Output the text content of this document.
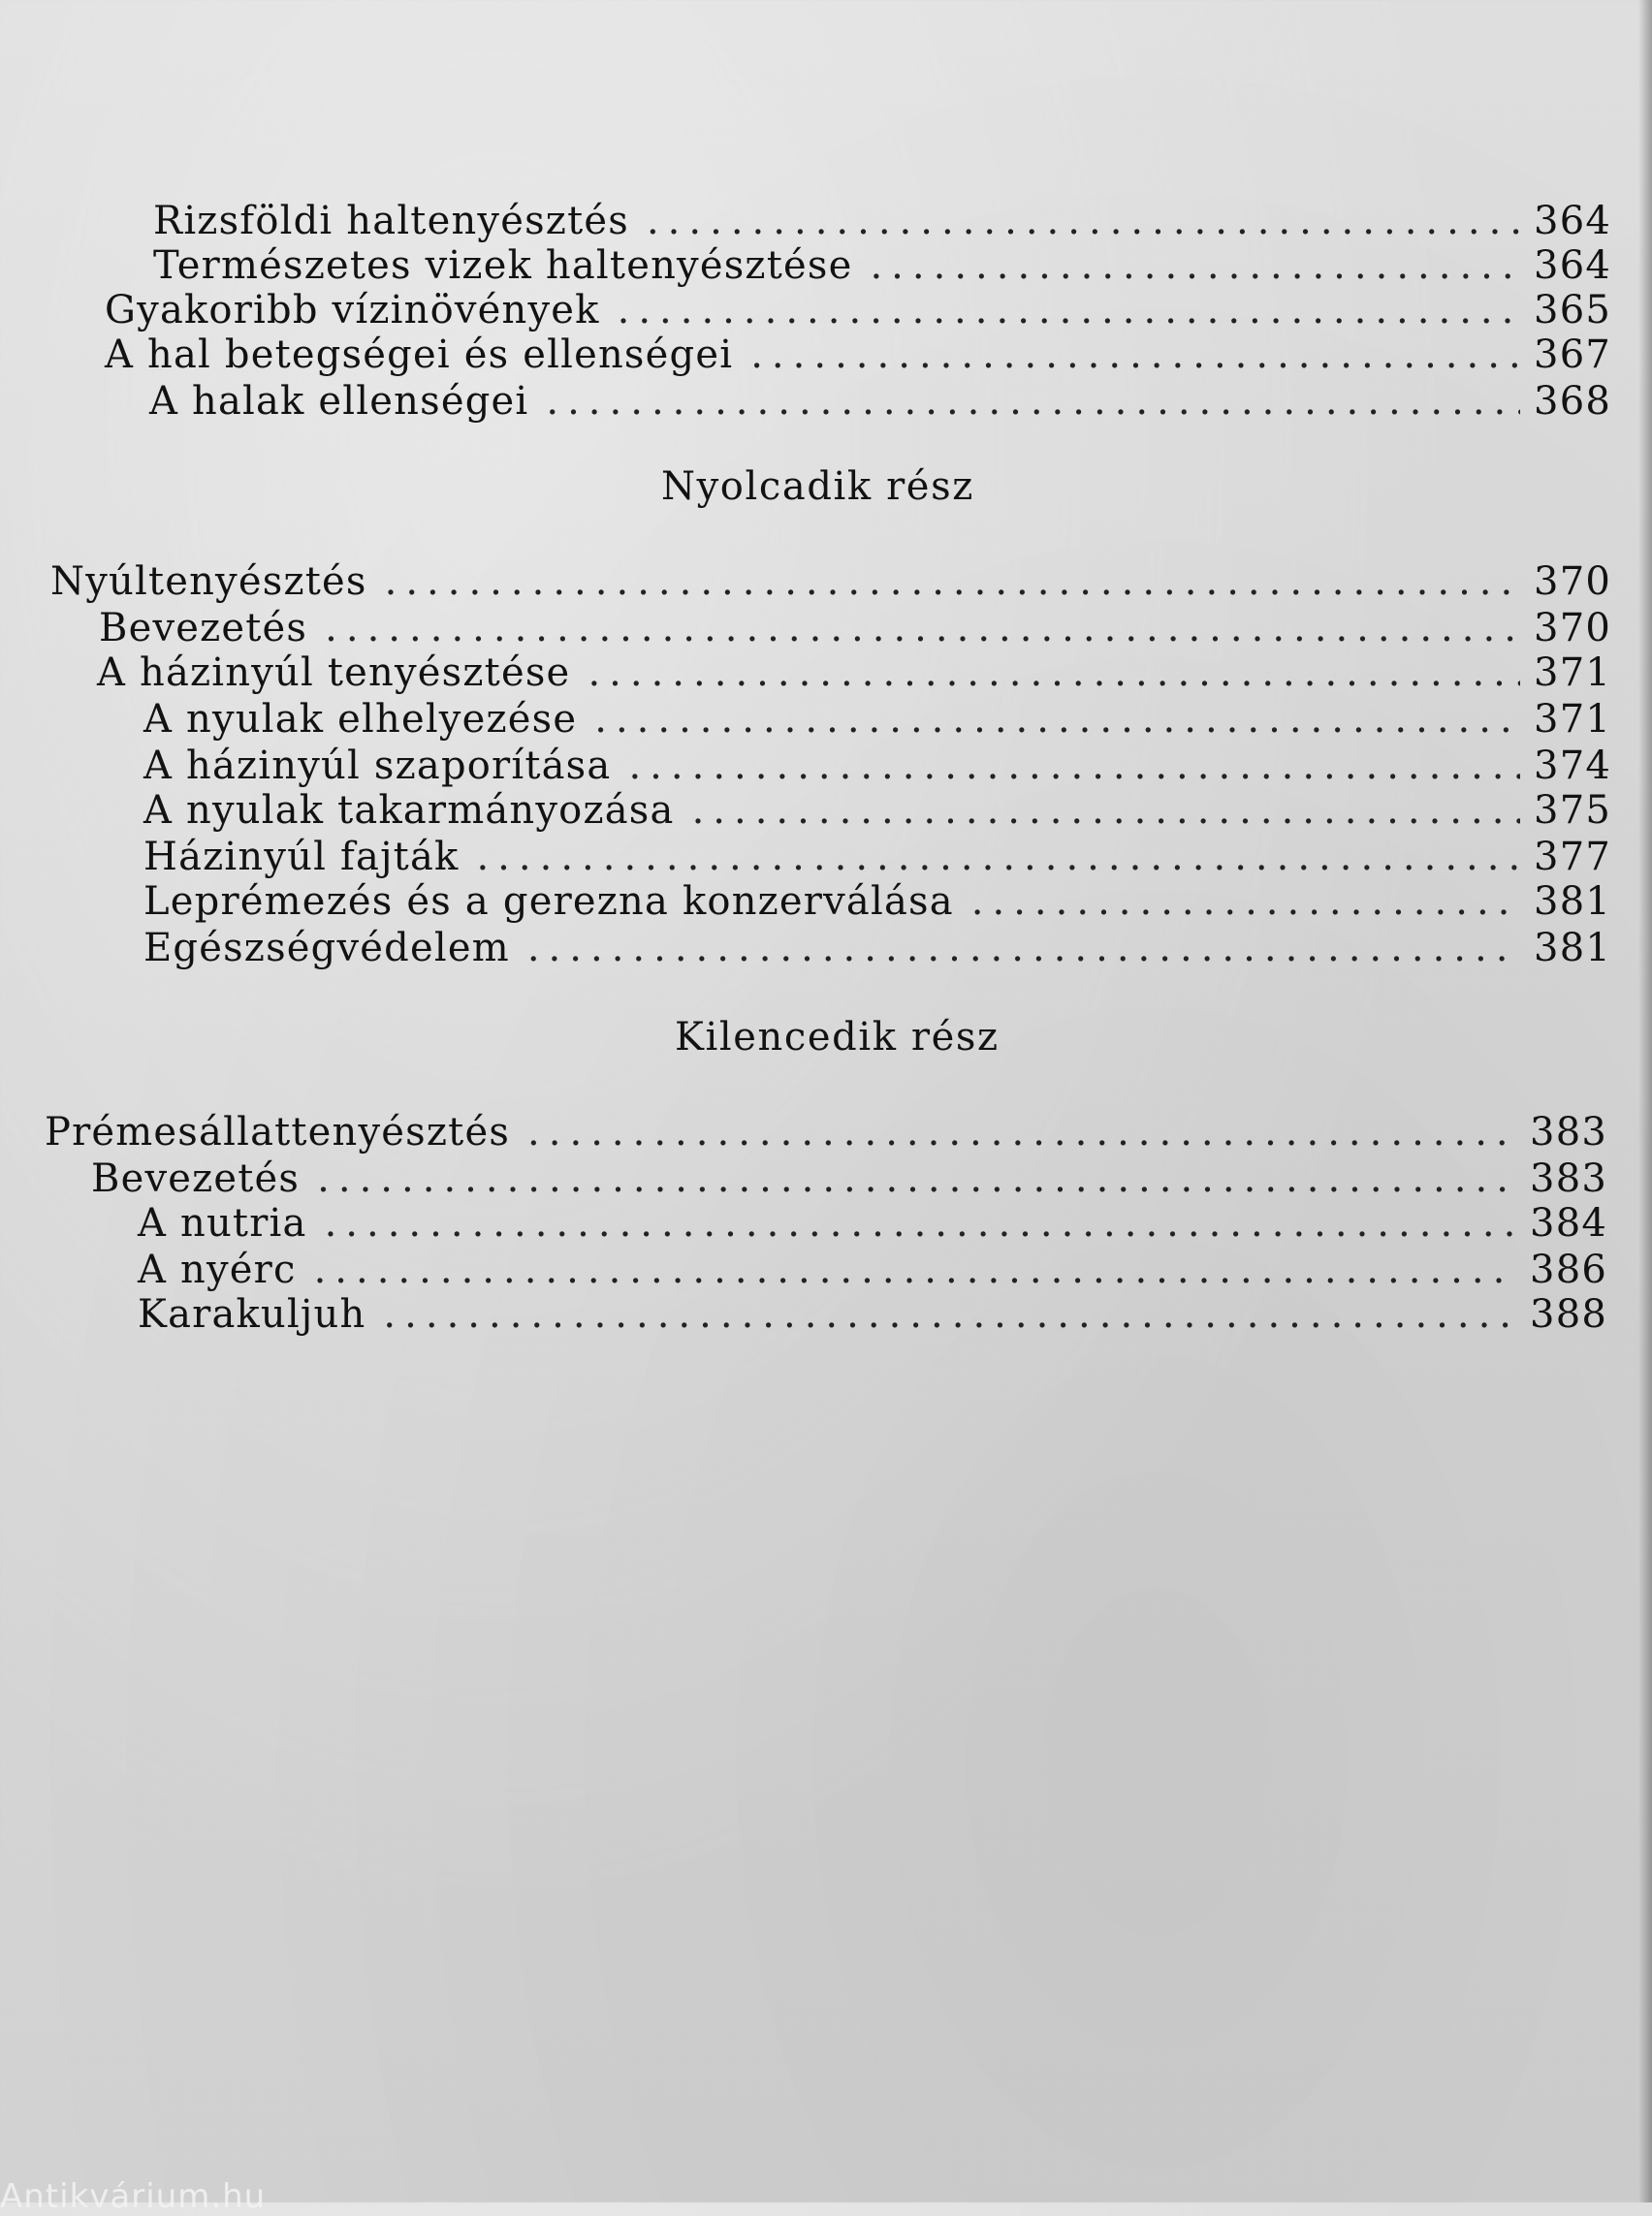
Rizsföldi haltenyésztés .....	364
Természetes vizek haltenyésztése .....	364
Gyakoribb vízinövények .....	365
A hal betegségei és ellenségei .....	367
A halak ellenségei .....	368
Nyolcadik rész
Nyúltenyésztés .....	370
Bevezetés .....	370
A házinyúl tenyésztése .....	371
A nyulak elhelyezése .....	371
A házinyúl szaporítása .....	374
A nyulak takarmányozása .....	375
Házinyúl fajták .....	377
Leprémezés és a gerezna konzerválása .....	381
Egészségvédelem .....	381
Kilencedik rész
Prémesállattenyésztés .....	383
Bevezetés .....	383
A nutria .....	384
A nyérc .....	386
Karakuljuh .....	388
Antikvárium.hu
